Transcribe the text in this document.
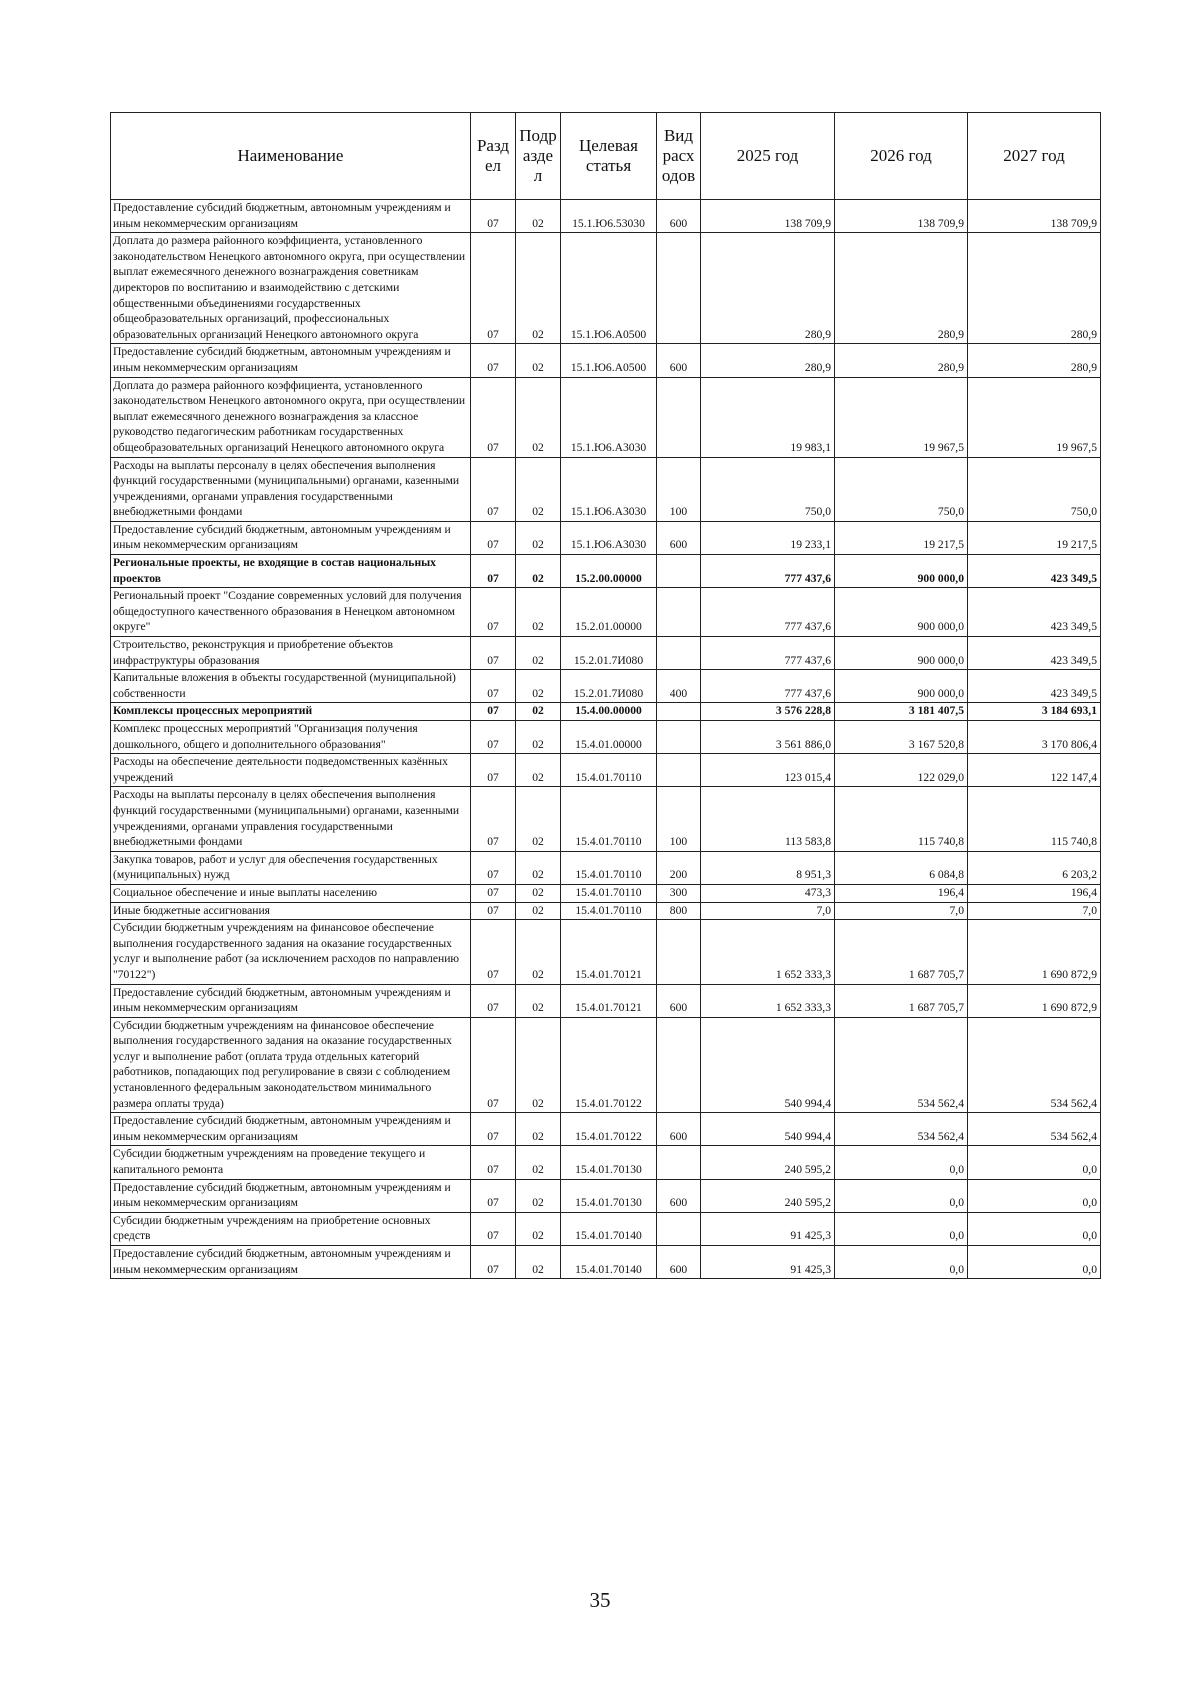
Наименование	Разд ел	Подр азде л	Целевая статья	Вид расх одов	2025 год	2026 год	2027 год
Предоставление субсидий бюджетным, автономным учреждениям и иным некоммерческим организациям	07	02	15.1.Ю6.53030	600	138 709,9	138 709,9	138 709,9
Доплата до размера районного коэффициента, установленного законодательством Ненецкого автономного округа, при осуществлении выплат ежемесячного денежного вознаграждения советникам директоров по воспитанию и взаимодействию с детскими общественными объединениями государственных общеобразовательных организаций, профессиональных образовательных организаций Ненецкого автономного округа	07	02	15.1.Ю6.А0500		280,9	280,9	280,9
Предоставление субсидий бюджетным, автономным учреждениям и иным некоммерческим организациям	07	02	15.1.Ю6.А0500	600	280,9	280,9	280,9
Доплата до размера районного коэффициента, установленного законодательством Ненецкого автономного округа, при осуществлении выплат ежемесячного денежного вознаграждения за классное руководство педагогическим работникам государственных общеобразовательных организаций Ненецкого автономного округа	07	02	15.1.Ю6.А3030		19 983,1	19 967,5	19 967,5
Расходы на выплаты персоналу в целях обеспечения выполнения функций государственными (муниципальными) органами, казенными учреждениями, органами управления государственными внебюджетными фондами	07	02	15.1.Ю6.А3030	100	750,0	750,0	750,0
Предоставление субсидий бюджетным, автономным учреждениям и иным некоммерческим организациям	07	02	15.1.Ю6.А3030	600	19 233,1	19 217,5	19 217,5
Региональные проекты, не входящие в состав национальных проектов	07	02	15.2.00.00000		777 437,6	900 000,0	423 349,5
Региональный проект "Создание современных условий для получения общедоступного качественного образования в Ненецком автономном округе"	07	02	15.2.01.00000		777 437,6	900 000,0	423 349,5
Строительство, реконструкция и приобретение объектов инфраструктуры образования	07	02	15.2.01.7И080		777 437,6	900 000,0	423 349,5
Капитальные вложения в объекты государственной (муниципальной) собственности	07	02	15.2.01.7И080	400	777 437,6	900 000,0	423 349,5
Комплексы процессных мероприятий	07	02	15.4.00.00000		3 576 228,8	3 181 407,5	3 184 693,1
Комплекс процессных мероприятий "Организация получения дошкольного, общего и дополнительного образования"	07	02	15.4.01.00000		3 561 886,0	3 167 520,8	3 170 806,4
Расходы на обеспечение деятельности подведомственных казённых учреждений	07	02	15.4.01.70110		123 015,4	122 029,0	122 147,4
Расходы на выплаты персоналу в целях обеспечения выполнения функций государственными (муниципальными) органами, казенными учреждениями, органами управления государственными внебюджетными фондами	07	02	15.4.01.70110	100	113 583,8	115 740,8	115 740,8
Закупка товаров, работ и услуг для обеспечения государственных (муниципальных) нужд	07	02	15.4.01.70110	200	8 951,3	6 084,8	6 203,2
Социальное обеспечение и иные выплаты населению	07	02	15.4.01.70110	300	473,3	196,4	196,4
Иные бюджетные ассигнования	07	02	15.4.01.70110	800	7,0	7,0	7,0
Субсидии бюджетным учреждениям на финансовое обеспечение выполнения государственного задания на оказание государственных услуг и выполнение работ (за исключением расходов по направлению "70122")	07	02	15.4.01.70121		1 652 333,3	1 687 705,7	1 690 872,9
Предоставление субсидий бюджетным, автономным учреждениям и иным некоммерческим организациям	07	02	15.4.01.70121	600	1 652 333,3	1 687 705,7	1 690 872,9
Субсидии бюджетным учреждениям на финансовое обеспечение выполнения государственного задания на оказание государственных услуг и выполнение работ (оплата труда отдельных категорий работников, попадающих под регулирование в связи с соблюдением установленного федеральным законодательством минимального размера оплаты труда)	07	02	15.4.01.70122		540 994,4	534 562,4	534 562,4
Предоставление субсидий бюджетным, автономным учреждениям и иным некоммерческим организациям	07	02	15.4.01.70122	600	540 994,4	534 562,4	534 562,4
Субсидии бюджетным учреждениям на проведение текущего и капитального ремонта	07	02	15.4.01.70130		240 595,2	0,0	0,0
Предоставление субсидий бюджетным, автономным учреждениям и иным некоммерческим организациям	07	02	15.4.01.70130	600	240 595,2	0,0	0,0
Субсидии бюджетным учреждениям на приобретение основных средств	07	02	15.4.01.70140		91 425,3	0,0	0,0
Предоставление субсидий бюджетным, автономным учреждениям и иным некоммерческим организациям	07	02	15.4.01.70140	600	91 425,3	0,0	0,0
35
